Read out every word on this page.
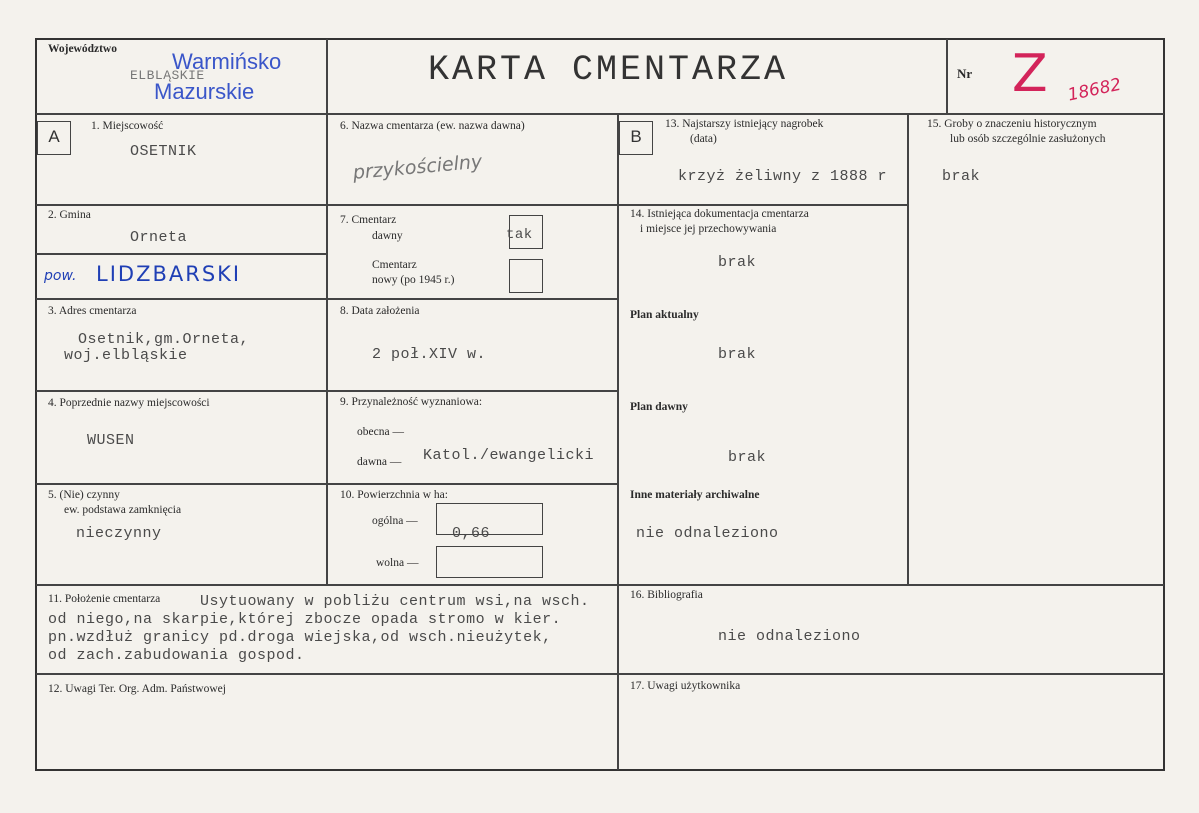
Województwo
ELBLĄSKIE
Warmińsko
Mazurskie
KARTA CMENTARZA	Nr Z 18682
A
1. Miejscowość
OSETNIK
2. Gmina
Orneta
pow. LIDZBARSKI
3. Adres cmentarza
Osetnik,gm.Orneta,
woj.elbląskie
4. Poprzednie nazwy miejscowości
WUSEN
5. (Nie) czynny
ew. podstawa zamknięcia
nieczynny
6. Nazwa cmentarza (ew. nazwa dawna)
przykościelny
7. Cmentarz
dawny	tak
Cmentarz
nowy (po 1945 r.)
8. Data założenia
2 poł.XIV w.
9. Przynależność wyznaniowa:
obecna —
dawna — Katol./ewangelicki
10. Powierzchnia w ha:
ogólna —
0,66
wolna —
B
13. Najstarszy istniejący nagrobek
(data)
krzyż żeliwny z 1888 r
14. Istniejąca dokumentacja cmentarza
i miejsce jej przechowywania
brak
Plan aktualny
brak
Plan dawny
brak
Inne materiały archiwalne
nie odnaleziono
15. Groby o znaczeniu historycznym
lub osób szczególnie zasłużonych
brak
11. Położenie cmentarza	Usytuowany w pobliżu centrum wsi,na wsch.
od niego,na skarpie,której zbocze opada stromo w kier.
pn.wzdłuż granicy pd.droga wiejska,od wsch.nieużytek,
od zach.zabudowania gospod.
16. Bibliografia
nie odnaleziono
12. Uwagi Ter. Org. Adm. Państwowej	17. Uwagi użytkownika
